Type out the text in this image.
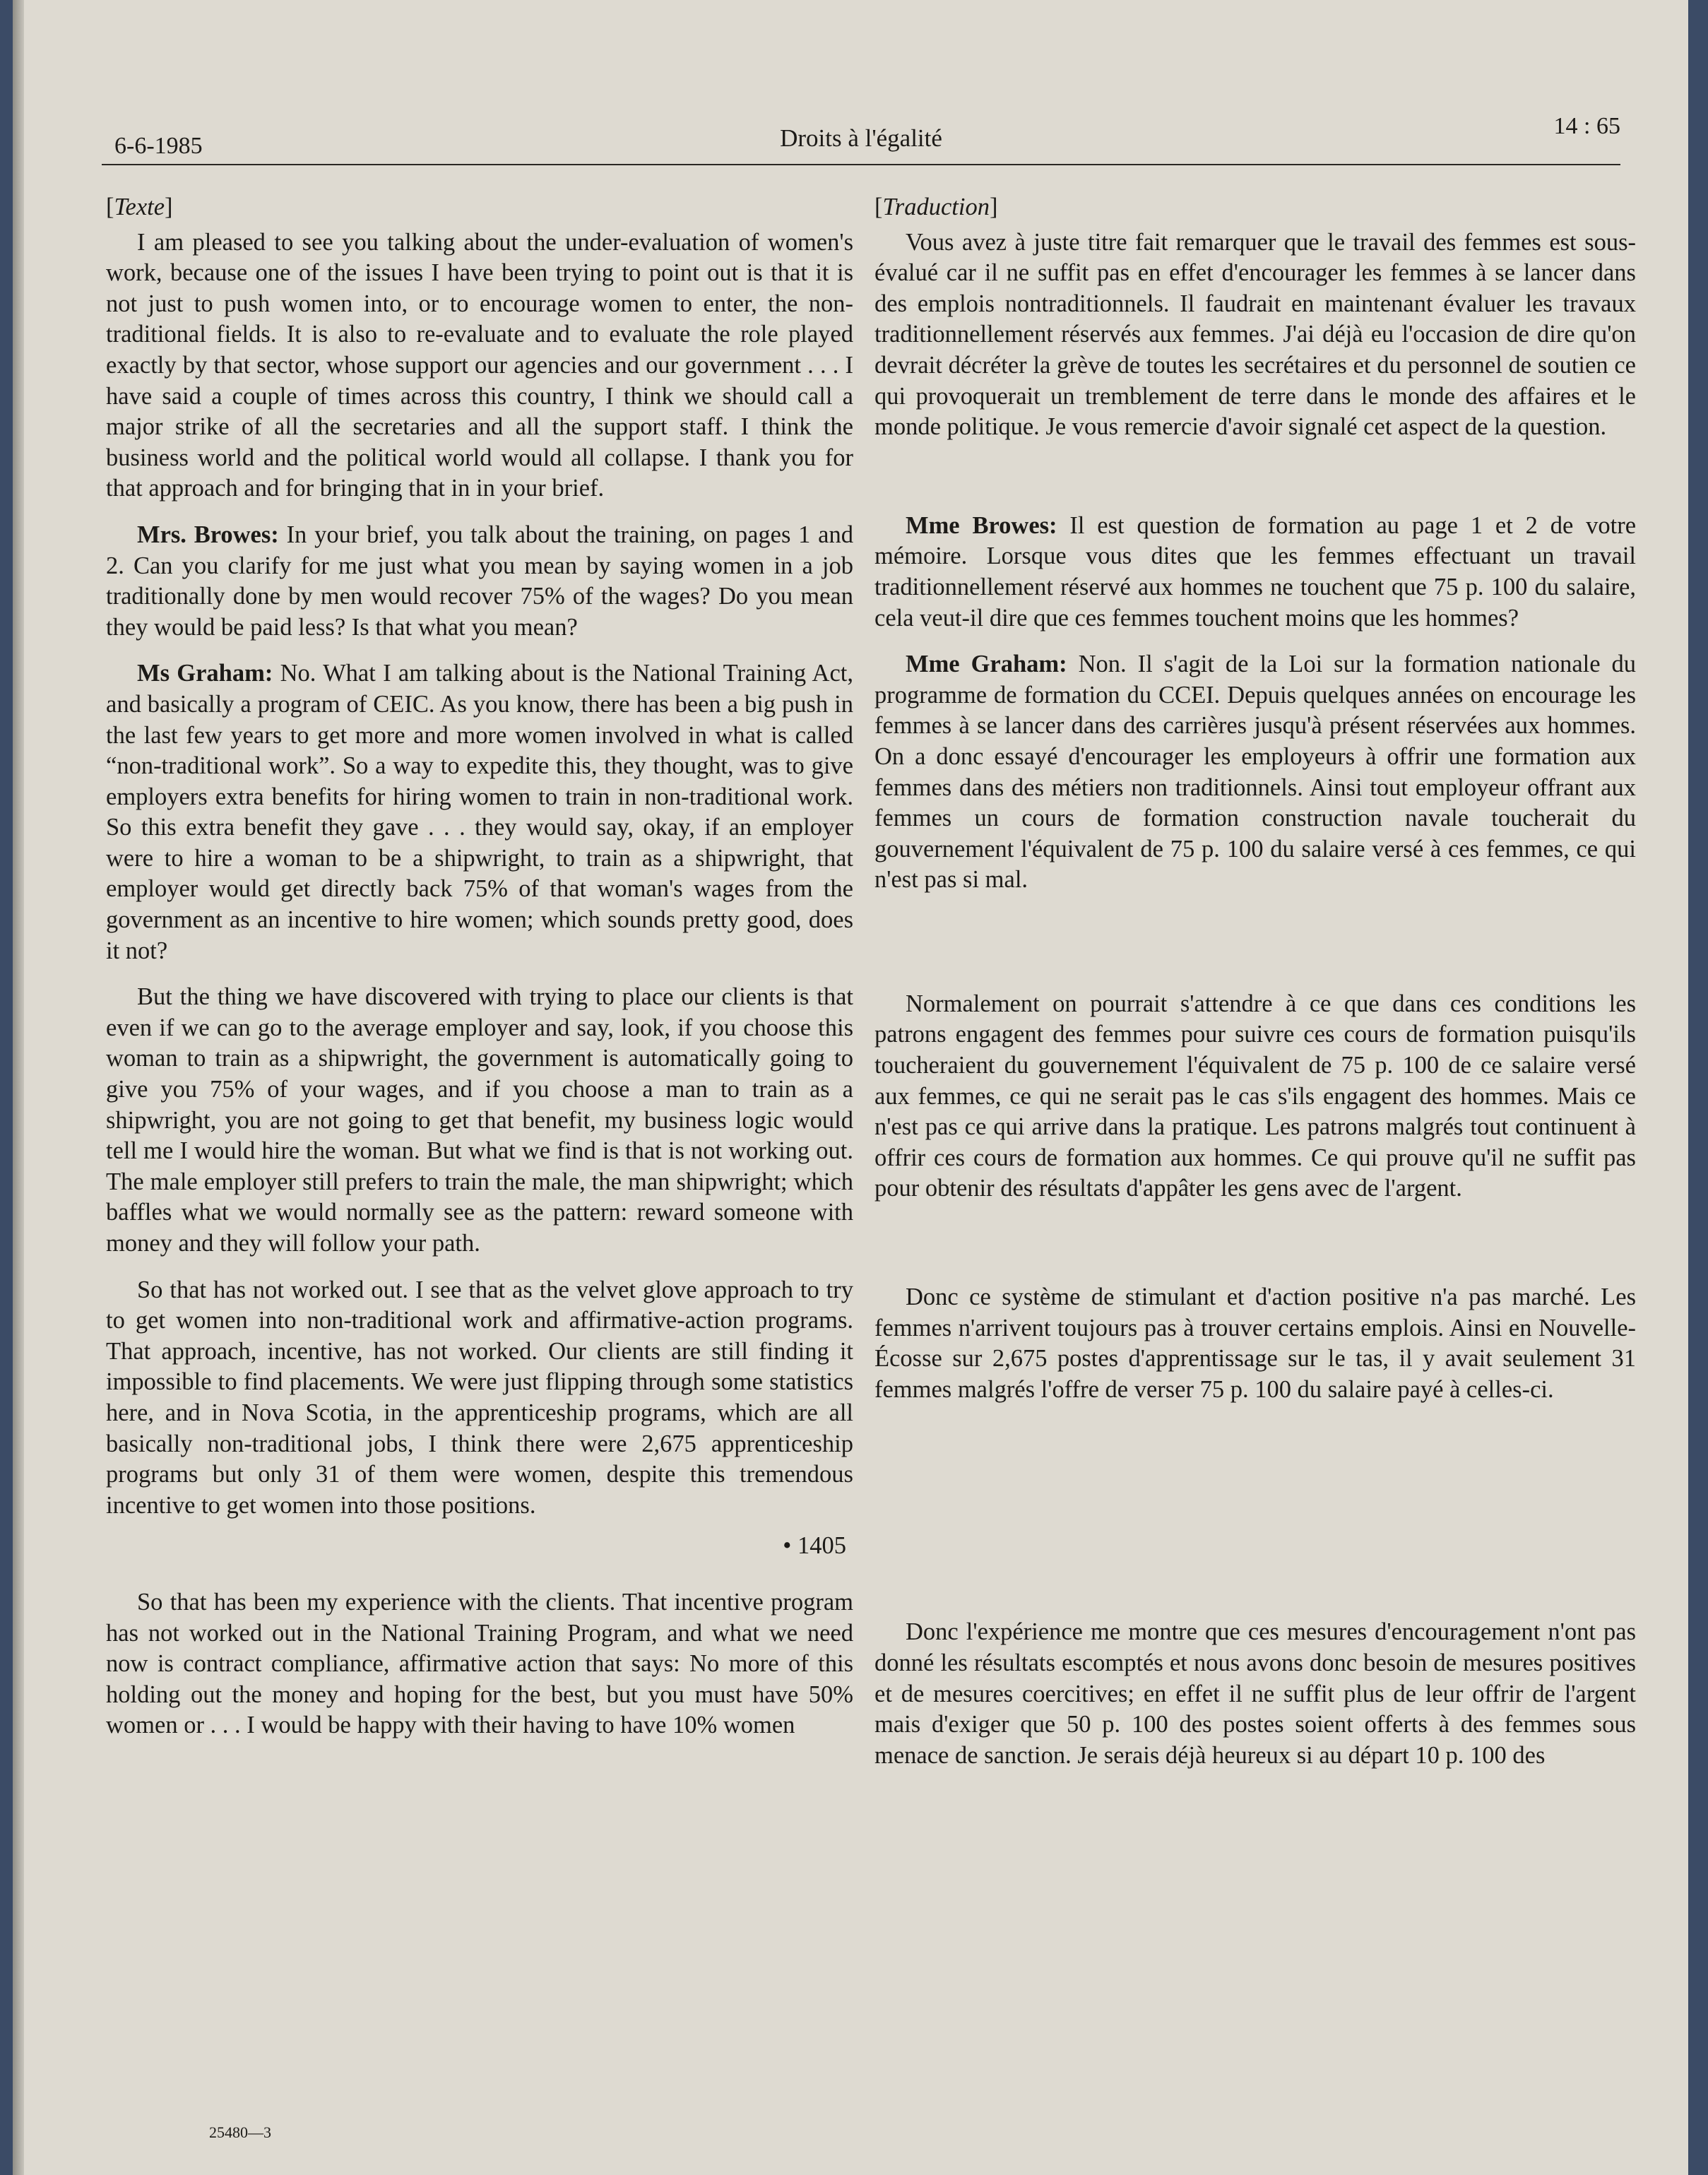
6-6-1985	Droits à l'égalité	14 : 65

[Texte]

I am pleased to see you talking about the under-evaluation of women's work, because one of the issues I have been trying to point out is that it is not just to push women into, or to encourage women to enter, the non-traditional fields. It is also to re-evaluate and to evaluate the role played exactly by that sector, whose support our agencies and our government . . . I have said a couple of times across this country, I think we should call a major strike of all the secretaries and all the support staff. I think the business world and the political world would all collapse. I thank you for that approach and for bringing that in in your brief.

Mrs. Browes: In your brief, you talk about the training, on pages 1 and 2. Can you clarify for me just what you mean by saying women in a job traditionally done by men would recover 75% of the wages? Do you mean they would be paid less? Is that what you mean?

Ms Graham: No. What I am talking about is the National Training Act, and basically a program of CEIC. As you know, there has been a big push in the last few years to get more and more women involved in what is called “non-traditional work”. So a way to expedite this, they thought, was to give employers extra benefits for hiring women to train in non-traditional work. So this extra benefit they gave . . . they would say, okay, if an employer were to hire a woman to be a shipwright, to train as a shipwright, that employer would get directly back 75% of that woman's wages from the government as an incentive to hire women; which sounds pretty good, does it not?

But the thing we have discovered with trying to place our clients is that even if we can go to the average employer and say, look, if you choose this woman to train as a shipwright, the government is automatically going to give you 75% of your wages, and if you choose a man to train as a shipwright, you are not going to get that benefit, my business logic would tell me I would hire the woman. But what we find is that is not working out. The male employer still prefers to train the male, the man shipwright; which baffles what we would normally see as the pattern: reward someone with money and they will follow your path.

So that has not worked out. I see that as the velvet glove approach to try to get women into non-traditional work and affirmative-action programs. That approach, incentive, has not worked. Our clients are still finding it impossible to find placements. We were just flipping through some statistics here, and in Nova Scotia, in the apprenticeship programs, which are all basically non-traditional jobs, I think there were 2,675 apprenticeship programs but only 31 of them were women, despite this tremendous incentive to get women into those positions.

• 1405

So that has been my experience with the clients. That incentive program has not worked out in the National Training Program, and what we need now is contract compliance, affirmative action that says: No more of this holding out the money and hoping for the best, but you must have 50% women or . . . I would be happy with their having to have 10% women

[Traduction]

Vous avez à juste titre fait remarquer que le travail des femmes est sous-évalué car il ne suffit pas en effet d'encourager les femmes à se lancer dans des emplois nontraditionnels. Il faudrait en maintenant évaluer les travaux traditionnellement réservés aux femmes. J'ai déjà eu l'occasion de dire qu'on devrait décréter la grève de toutes les secrétaires et du personnel de soutien ce qui provoquerait un tremblement de terre dans le monde des affaires et le monde politique. Je vous remercie d'avoir signalé cet aspect de la question.

Mme Browes: Il est question de formation au page 1 et 2 de votre mémoire. Lorsque vous dites que les femmes effectuant un travail traditionnellement réservé aux hommes ne touchent que 75 p. 100 du salaire, cela veut-il dire que ces femmes touchent moins que les hommes?

Mme Graham: Non. Il s'agit de la Loi sur la formation nationale du programme de formation du CCEI. Depuis quelques années on encourage les femmes à se lancer dans des carrières jusqu'à présent réservées aux hommes. On a donc essayé d'encourager les employeurs à offrir une formation aux femmes dans des métiers non traditionnels. Ainsi tout employeur offrant aux femmes un cours de formation construction navale toucherait du gouvernement l'équivalent de 75 p. 100 du salaire versé à ces femmes, ce qui n'est pas si mal.

Normalement on pourrait s'attendre à ce que dans ces conditions les patrons engagent des femmes pour suivre ces cours de formation puisqu'ils toucheraient du gouvernement l'équivalent de 75 p. 100 de ce salaire versé aux femmes, ce qui ne serait pas le cas s'ils engagent des hommes. Mais ce n'est pas ce qui arrive dans la pratique. Les patrons malgrés tout continuent à offrir ces cours de formation aux hommes. Ce qui prouve qu'il ne suffit pas pour obtenir des résultats d'appâter les gens avec de l'argent.

Donc ce système de stimulant et d'action positive n'a pas marché. Les femmes n'arrivent toujours pas à trouver certains emplois. Ainsi en Nouvelle-Écosse sur 2,675 postes d'apprentissage sur le tas, il y avait seulement 31 femmes malgrés l'offre de verser 75 p. 100 du salaire payé à celles-ci.

Donc l'expérience me montre que ces mesures d'encouragement n'ont pas donné les résultats escomptés et nous avons donc besoin de mesures positives et de mesures coercitives; en effet il ne suffit plus de leur offrir de l'argent mais d'exiger que 50 p. 100 des postes soient offerts à des femmes sous menace de sanction. Je serais déjà heureux si au départ 10 p. 100 des

25480—3
